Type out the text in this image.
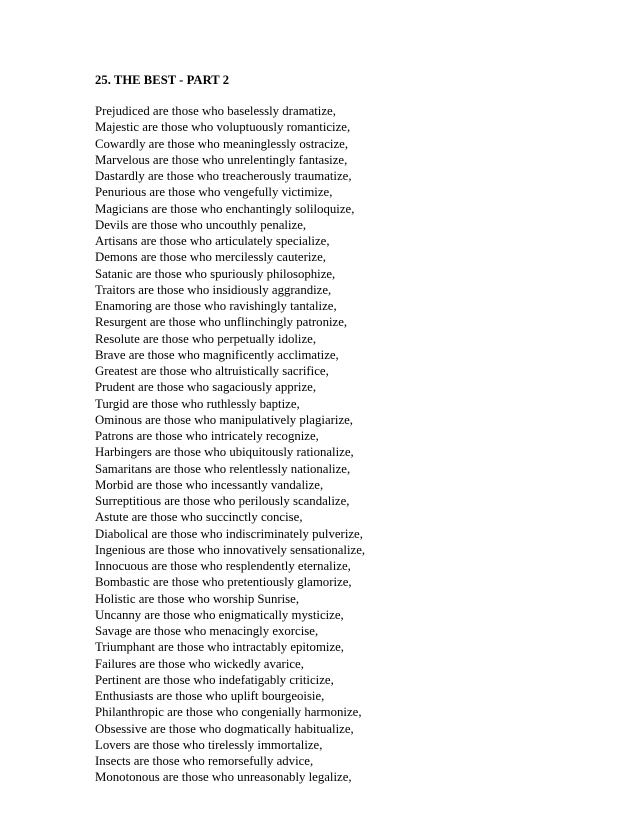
25. THE BEST - PART 2
Prejudiced are those who baselessly dramatize,
Majestic are those who voluptuously romanticize,
Cowardly are those who meaninglessly ostracize,
Marvelous are those who unrelentingly fantasize,
Dastardly are those who treacherously traumatize,
Penurious are those who vengefully victimize,
Magicians are those who enchantingly soliloquize,
Devils are those who uncouthly penalize,
Artisans are those who articulately specialize,
Demons are those who mercilessly cauterize,
Satanic are those who spuriously philosophize,
Traitors are those who insidiously aggrandize,
Enamoring are those who ravishingly tantalize,
Resurgent are those who unflinchingly patronize,
Resolute are those who perpetually idolize,
Brave are those who magnificently acclimatize,
Greatest are those who altruistically sacrifice,
Prudent are those who sagaciously apprize,
Turgid are those who ruthlessly baptize,
Ominous are those who manipulatively plagiarize,
Patrons are those who intricately recognize,
Harbingers are those who ubiquitously rationalize,
Samaritans are those who relentlessly nationalize,
Morbid are those who incessantly vandalize,
Surreptitious are those who perilously scandalize,
Astute are those who succinctly concise,
Diabolical are those who indiscriminately pulverize,
Ingenious are those who innovatively sensationalize,
Innocuous are those who resplendently eternalize,
Bombastic are those who pretentiously glamorize,
Holistic are those who worship Sunrise,
Uncanny are those who enigmatically mysticize,
Savage are those who menacingly exorcise,
Triumphant are those who intractably epitomize,
Failures are those who wickedly avarice,
Pertinent are those who indefatigably criticize,
Enthusiasts are those who uplift bourgeoisie,
Philanthropic are those who congenially harmonize,
Obsessive are those who dogmatically habitualize,
Lovers are those who tirelessly immortalize,
Insects are those who remorsefully advice,
Monotonous are those who unreasonably legalize,
